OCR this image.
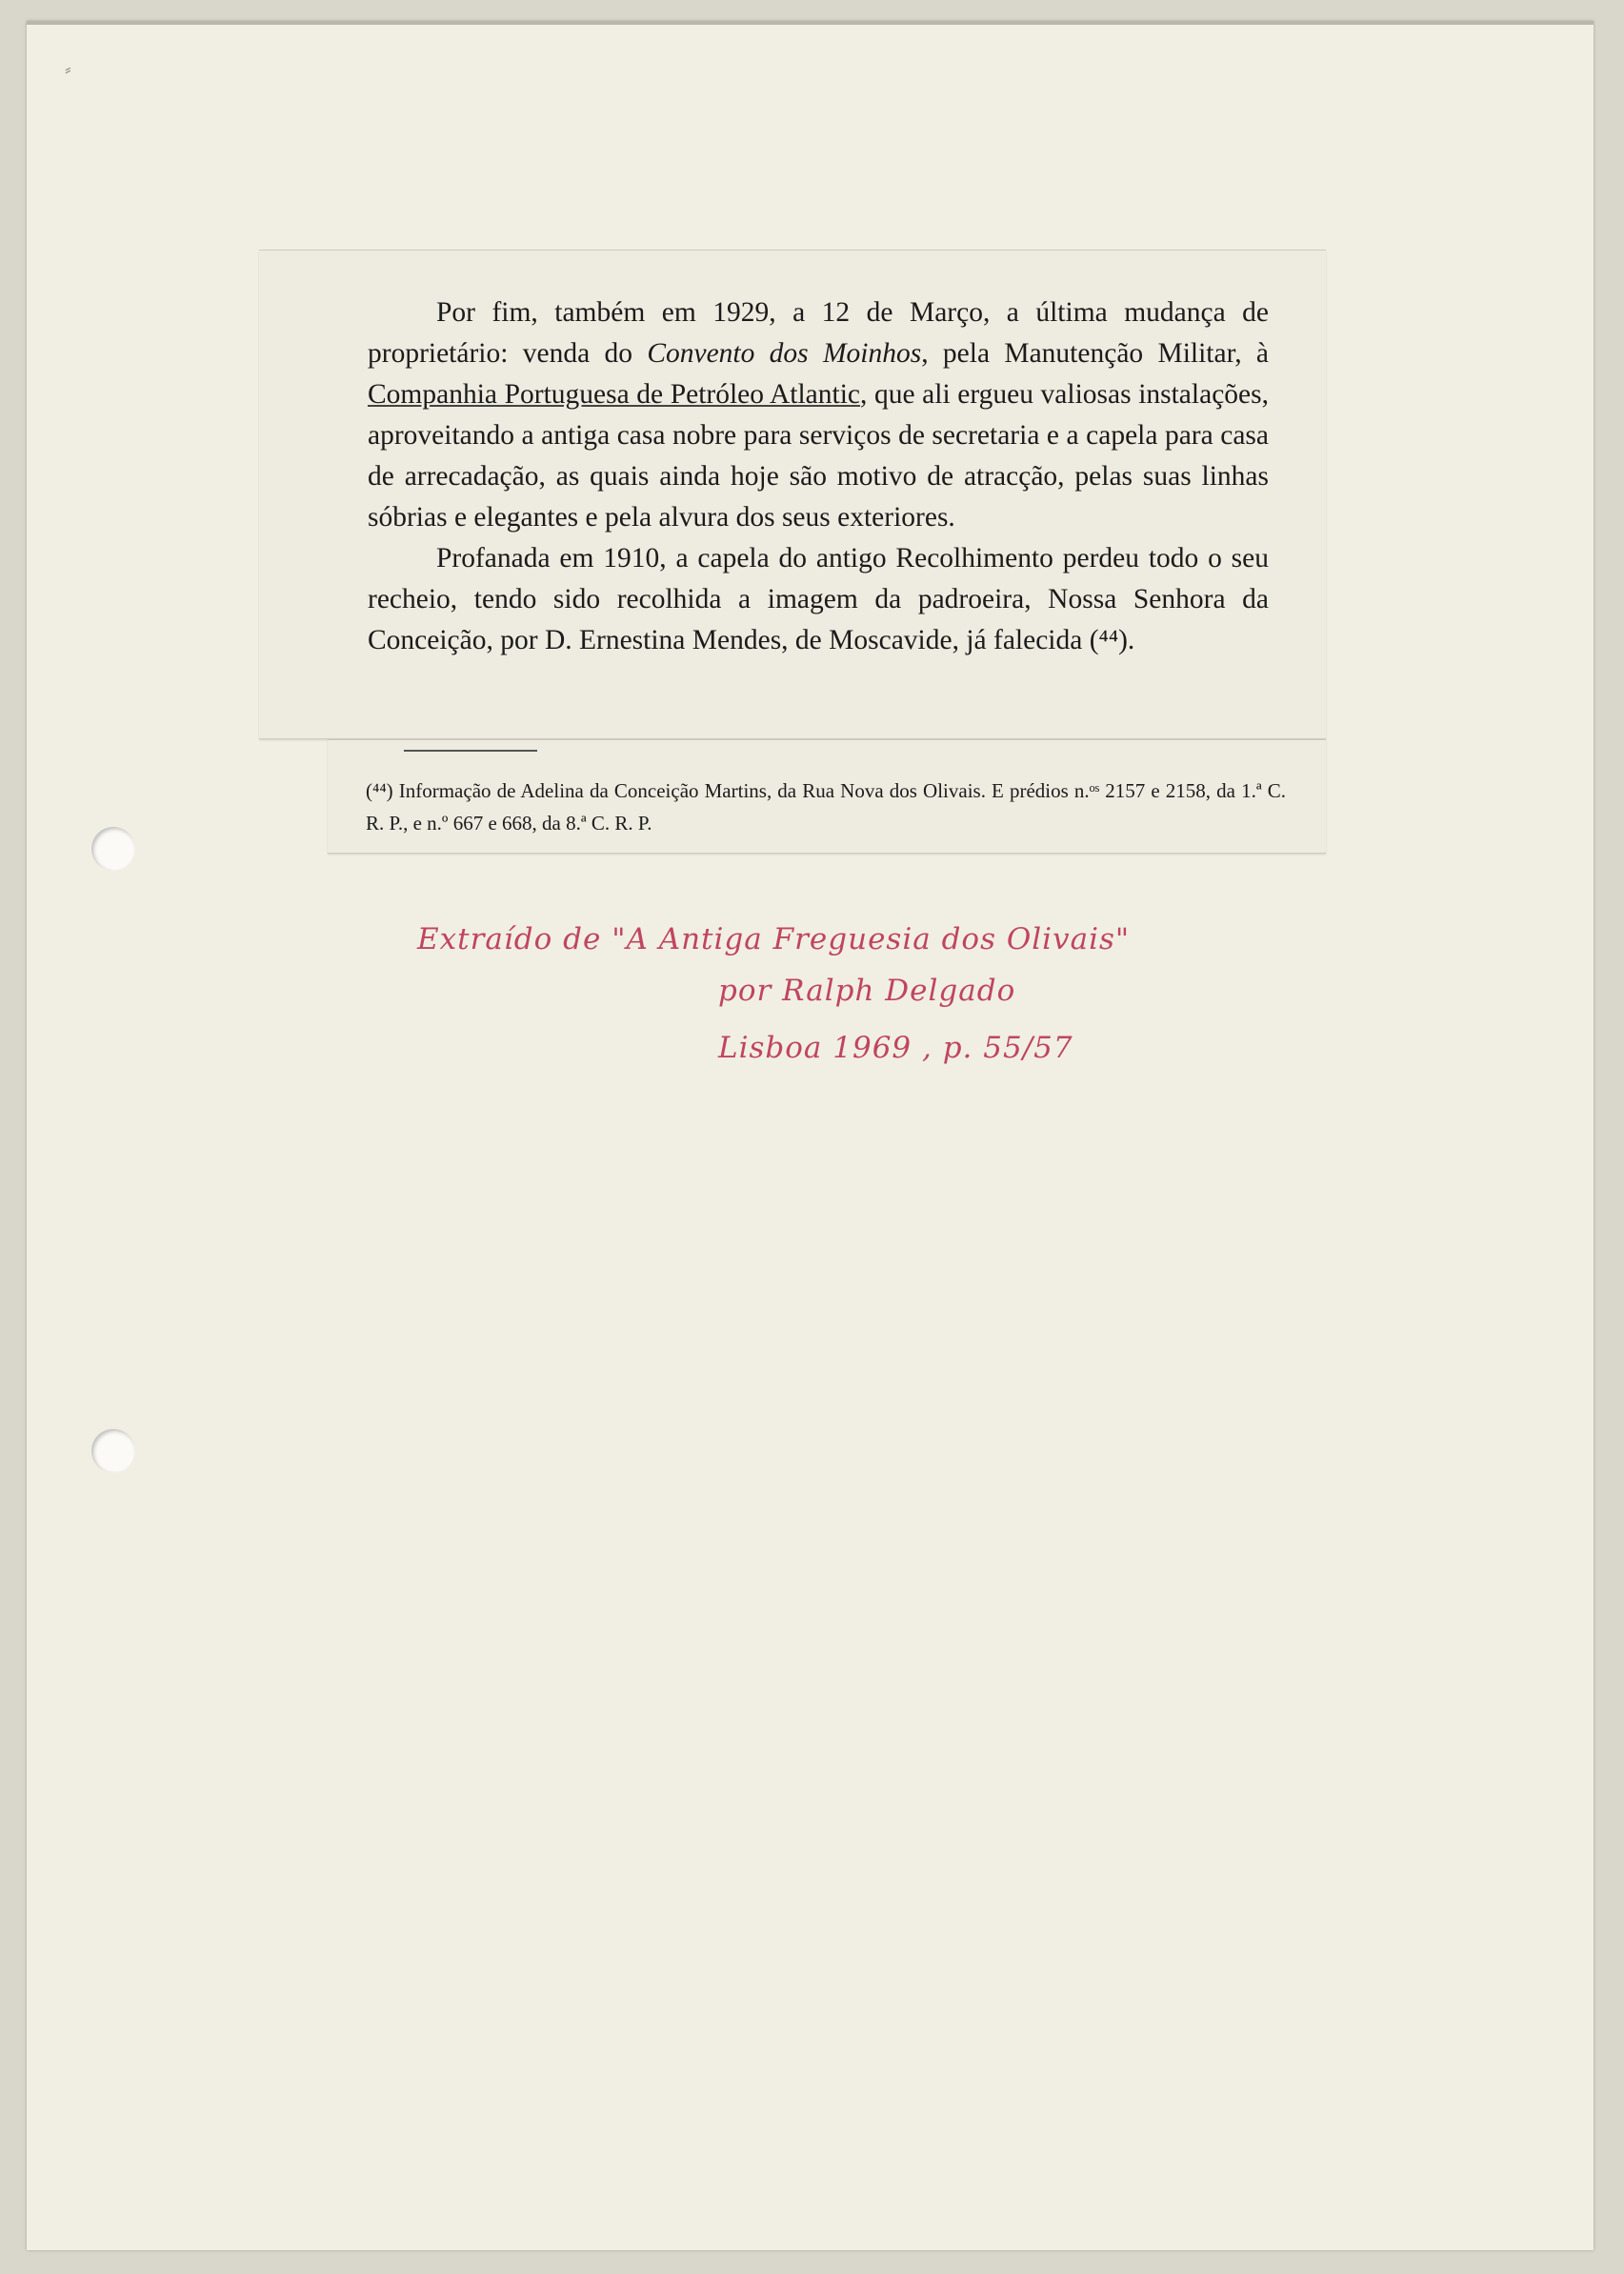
⸗

Por fim, também em 1929, a 12 de Março, a última mudança de proprietário: venda do Convento dos Moinhos, pela Manutenção Militar, à Companhia Portuguesa de Petróleo Atlantic, que ali ergueu valiosas instalações, aproveitando a antiga casa nobre para serviços de secretaria e a capela para casa de arrecadação, as quais ainda hoje são motivo de atracção, pelas suas linhas sóbrias e elegantes e pela alvura dos seus exteriores.

Profanada em 1910, a capela do antigo Recolhimento perdeu todo o seu recheio, tendo sido recolhida a imagem da padroeira, Nossa Senhora da Conceição, por D. Ernestina Mendes, de Moscavide, já falecida (⁴⁴).

(⁴⁴) Informação de Adelina da Conceição Martins, da Rua Nova dos Olivais. E prédios n.ᵒˢ 2157 e 2158, da 1.ª C. R. P., e n.º 667 e 668, da 8.ª C. R. P.
Extraído de "A Antiga Freguesia dos Olivais"
por Ralph Delgado
Lisboa 1969 , p. 55/57
